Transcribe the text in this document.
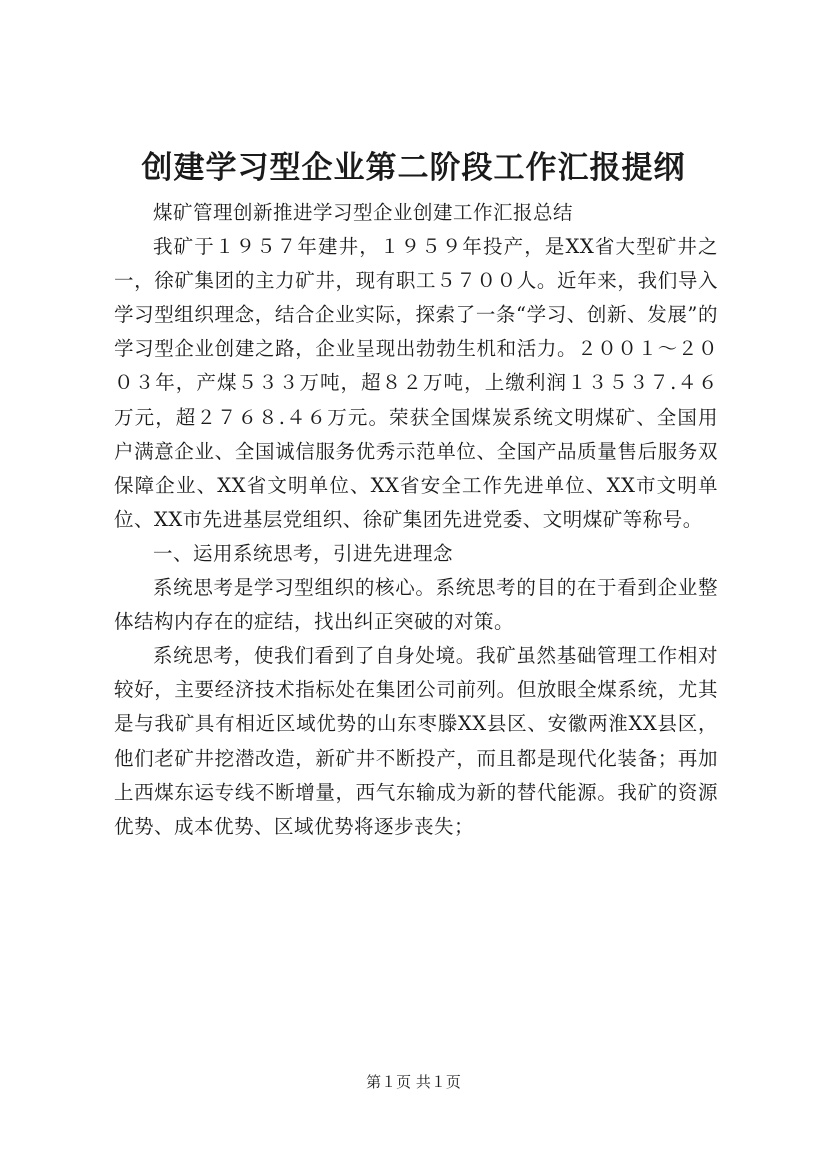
创建学习型企业第二阶段工作汇报提纲

煤矿管理创新推进学习型企业创建工作汇报总结

我矿于１９５７年建井，１９５９年投产，是XX省大型矿井之一，徐矿集团的主力矿井，现有职工５７００人。近年来，我们导入学习型组织理念，结合企业实际，探索了一条“学习、创新、发展”的学习型企业创建之路，企业呈现出勃勃生机和活力。２００１～２００３年，产煤５３３万吨，超８２万吨，上缴利润１３５３７.４６万元，超２７６８.４６万元。荣获全国煤炭系统文明煤矿、全国用户满意企业、全国诚信服务优秀示范单位、全国产品质量售后服务双保障企业、XX省文明单位、XX省安全工作先进单位、XX市文明单位、XX市先进基层党组织、徐矿集团先进党委、文明煤矿等称号。

一、运用系统思考，引进先进理念

系统思考是学习型组织的核心。系统思考的目的在于看到企业整体结构内存在的症结，找出纠正突破的对策。

系统思考，使我们看到了自身处境。我矿虽然基础管理工作相对较好，主要经济技术指标处在集团公司前列。但放眼全煤系统，尤其是与我矿具有相近区域优势的山东枣滕XX县区、安徽两淮XX县区，他们老矿井挖潜改造，新矿井不断投产，而且都是现代化装备；再加上西煤东运专线不断增量，西气东输成为新的替代能源。我矿的资源优势、成本优势、区域优势将逐步丧失；

第１页 共１页
